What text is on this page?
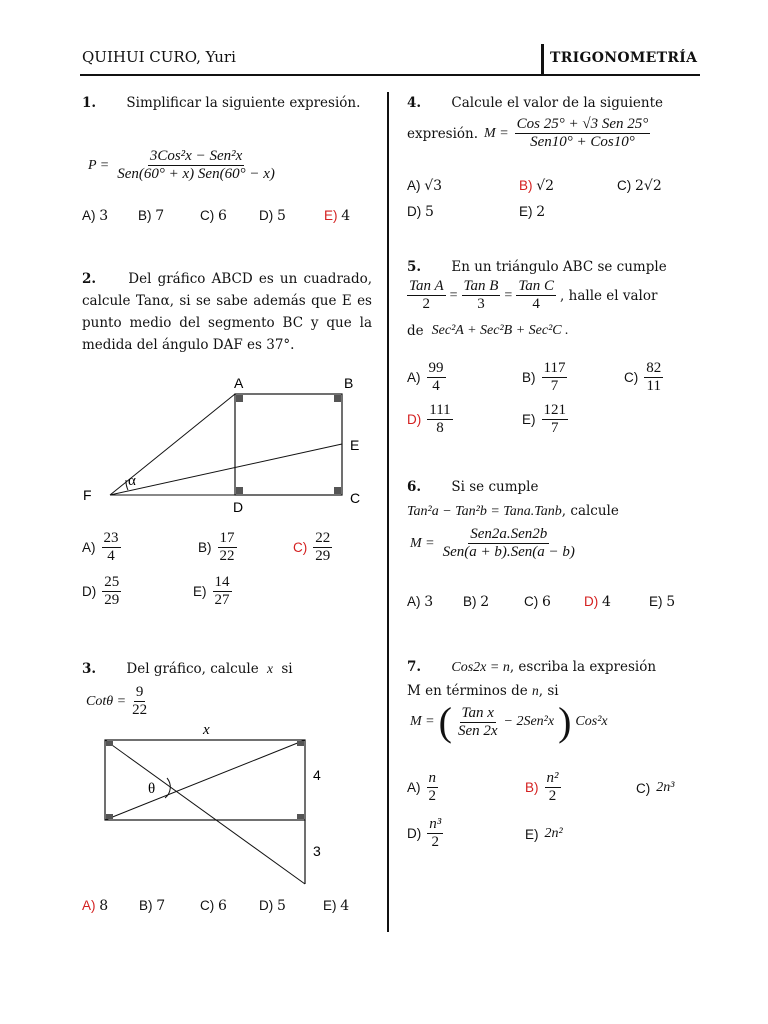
QUIHUI CURO, Yuri	TRIGONOMETRÍA
1. Simplificar la siguiente expresión.
$P = \frac{\text{3Cos²x − Sen²x}}{\text{Sen(60° + x) Sen(60° − x)}}$
A) 3 B) 7	C) 6 D) 5	E) 4
2. Del gráfico ABCD es un cuadrado, calcule Tanα, si se sabe además que E es punto medio del segmento BC y que la medida del ángulo DAF es 37°.
A	B
E
C
D
F
α
$A) \frac{23}{4}$	$B) \frac{17}{22}$	$C) \frac{22}{29}$
$D) \frac{25}{29}$	$E) \frac{14}{27}$
3. Del gráfico, calcule x si
$Cot\theta = \frac{9}{22}$
x
θ
4
3
A) 8 B) 7	C) 6 D) 5	E) 4
4. Calcule el valor de la siguiente
expresión. $M = \frac{\text{Cos 25° + √3 Sen 25°}}{\text{Sen10° + Cos10°}}$
A) √3	B) √2	C) 2√2
D) 5	E) 2
5. En un triángulo ABC se cumple
$\frac{\text{Tan A}}{2} = \frac{\text{Tan B}}{3} = \frac{\text{Tan C}}{4}$ , halle el valor
de Sec²A + Sec²B + Sec²C .
$A) \frac{99}{4}$	$B) \frac{117}{7}$	$C) \frac{82}{11}$
$D) \frac{111}{8}$	$E) \frac{121}{7}$
6. Si se cumple
Tan²a − Tan²b = Tana.Tanb, calcule
$M = \frac{\text{Sen2a.Sen2b}}{\text{Sen(a + b).Sen(a − b)}}$
A) 3 B) 2	C) 6 D) 4	E) 5
7. Cos2x = n, escriba la expresión
M en términos de n, si
M = ( $\frac{\text{Tan x}}{\text{Sen 2x}} - 2Sen^2x$ ) Cos²x
$A) \frac{n}{2}$	$B) \frac{\text{n²}}{2}$	C) 2n³
$D) \frac{\text{n³}}{2}$	E) 2n²
